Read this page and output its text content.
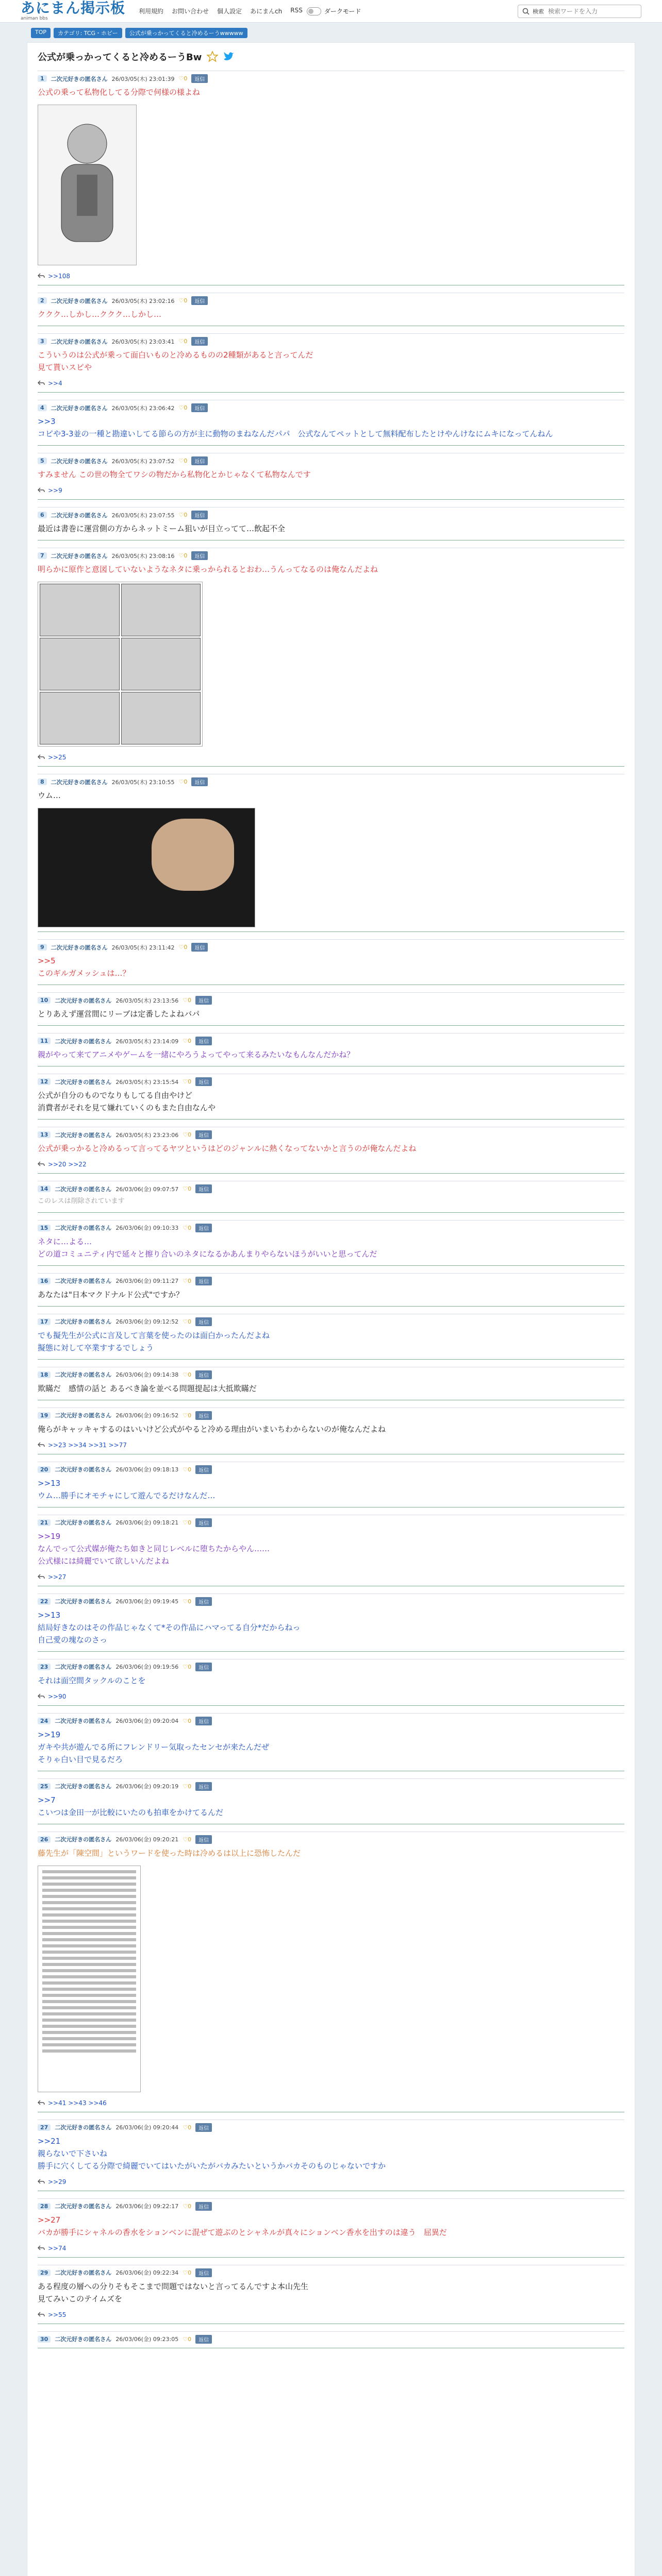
あにまん掲示板
animan bbs
利用規約 お問い合わせ 個人設定 あにまんch RSS	ダークモード	検索
検索ワードを入力
TOP	カテゴリ: TCG・ホビー	公式が乗っかってくると冷めるーうwwwww
公式が乗っかってくると冷めるーうBw
1	二次元好きの匿名さん 26/03/05(木) 23:01:39 ♡0	返信
公式の乗って私物化してる分際で何様の様よね
>>108
2	二次元好きの匿名さん 26/03/05(木) 23:02:16 ♡0	返信
ククク…しかし…ククク…しかし…
3	二次元好きの匿名さん 26/03/05(木) 23:03:41 ♡0	返信
こういうのは公式が乗って面白いものと冷めるものの2種類があると言ってんだ
見て貰いスピや
>>4
4	二次元好きの匿名さん 26/03/05(木) 23:06:42 ♡0	返信
>>3
コピや3-3並の一種と勘違いしてる節らの方が主に動物のまねなんだパパ　公式なんてペットとして無料配布したとけやんけなにムキになってんねん
5	二次元好きの匿名さん 26/03/05(木) 23:07:52 ♡0	返信
すみません この世の物全てワシの物だから私物化とかじゃなくて私物なんです
>>9
6	二次元好きの匿名さん 26/03/05(木) 23:07:55 ♡0	返信
最近は書巻に運営側の方からネットミーム狙いが目立ってて…飲起不全
7	二次元好きの匿名さん 26/03/05(木) 23:08:16 ♡0	返信
明らかに原作と意図していないようなネタに乗っかられるとおわ…うんってなるのは俺なんだよね
>>25
8	二次元好きの匿名さん 26/03/05(木) 23:10:55 ♡0	返信
ウム…
9	二次元好きの匿名さん 26/03/05(木) 23:11:42 ♡0	返信
>>5
このギルガメッシュは…？
10	二次元好きの匿名さん 26/03/05(木) 23:13:56 ♡0	返信
とりあえず運営間にリーブは定番したよねバパ
11	二次元好きの匿名さん 26/03/05(木) 23:14:09 ♡0	返信
親がやって来てアニメやゲームを一緒にやろうよってやって来るみたいなもんなんだかね？
12	二次元好きの匿名さん 26/03/05(木) 23:15:54 ♡0	返信
公式が自分のものでなりもしてる自由やけど
消費者がそれを見て嫌れていくのもまた自由なんや
13	二次元好きの匿名さん 26/03/05(木) 23:23:06 ♡0	返信
公式が乗っかると冷めるって言ってるヤツというはどのジャンルに熱くなってないかと言うのが俺なんだよね
>>20 >>22
14	二次元好きの匿名さん 26/03/06(金) 09:07:57 ♡0	返信
このレスは削除されています
15	二次元好きの匿名さん 26/03/06(金) 09:10:33 ♡0	返信
ネタに…よる…
どの道コミュニティ内で延々と擦り合いのネタになるかあんまりやらないほうがいいと思ってんだ
16	二次元好きの匿名さん 26/03/06(金) 09:11:27 ♡0	返信
あなたは"日本マクドナルド公式"ですか？
17	二次元好きの匿名さん 26/03/06(金) 09:12:52 ♡0	返信
でも擬先生が公式に言及して言葉を使ったのは面白かったんだよね
擬態に対して卒業すするでしょう
18	二次元好きの匿名さん 26/03/06(金) 09:14:38 ♡0	返信
欺瞞だ　感情の話と あるべき論を並べる問題提起は大抵欺瞞だ
19	二次元好きの匿名さん 26/03/06(金) 09:16:52 ♡0	返信
俺らがキャッキャするのはいいけど公式がやると冷める理由がいまいちわからないのが俺なんだよね
>>23 >>34 >>31 >>77
20	二次元好きの匿名さん 26/03/06(金) 09:18:13 ♡0	返信
>>13
ウム…勝手にオモチャにして遊んでるだけなんだ…
21	二次元好きの匿名さん 26/03/06(金) 09:18:21 ♡0	返信
>>19
なんでって公式媒が俺たち如きと同じレベルに堕ちたからやん……
公式様には綺麗でいて欲しいんだよね
>>27
22	二次元好きの匿名さん 26/03/06(金) 09:19:45 ♡0	返信
>>13
結局好きなのはその作品じゃなくて*その作品にハマってる自分*だからねっ
自己愛の塊なのさっ
23	二次元好きの匿名さん 26/03/06(金) 09:19:56 ♡0	返信
それは面空間タックルのことを
>>90
24	二次元好きの匿名さん 26/03/06(金) 09:20:04 ♡0	返信
>>19
ガキや共が遊んでる所にフレンドリー気取ったセンセが来たんだぜ
そりゃ白い目で見るだろ
25	二次元好きの匿名さん 26/03/06(金) 09:20:19 ♡0	返信
>>7
こいつは金田一が比較にいたのも拍車をかけてるんだ
26	二次元好きの匿名さん 26/03/06(金) 09:20:21 ♡0	返信
藤先生が「陳空間」というワードを使った時は冷めるは以上に恐怖したんだ
>>41 >>43 >>46
27	二次元好きの匿名さん 26/03/06(金) 09:20:44 ♡0	返信
>>21
親らないで下さいね
勝手に穴くしてる分際で綺麗でいてはいたがいたがバカみたいというかバカそのものじゃないですか
>>29
28	二次元好きの匿名さん 26/03/06(金) 09:22:17 ♡0	返信
>>27
バカが勝手にシャネルの香水をションベンに混ぜて遊ぶのとシャネルが真々にションベン香水を出すのは違う　屈異だ
>>74
29	二次元好きの匿名さん 26/03/06(金) 09:22:34 ♡0	返信
ある程度の層への分りそもそこまで問題ではないと言ってるんですよ本山先生
見てみいこのテイムズを
>>55
30	二次元好きの匿名さん 26/03/06(金) 09:23:05 ♡0	返信
